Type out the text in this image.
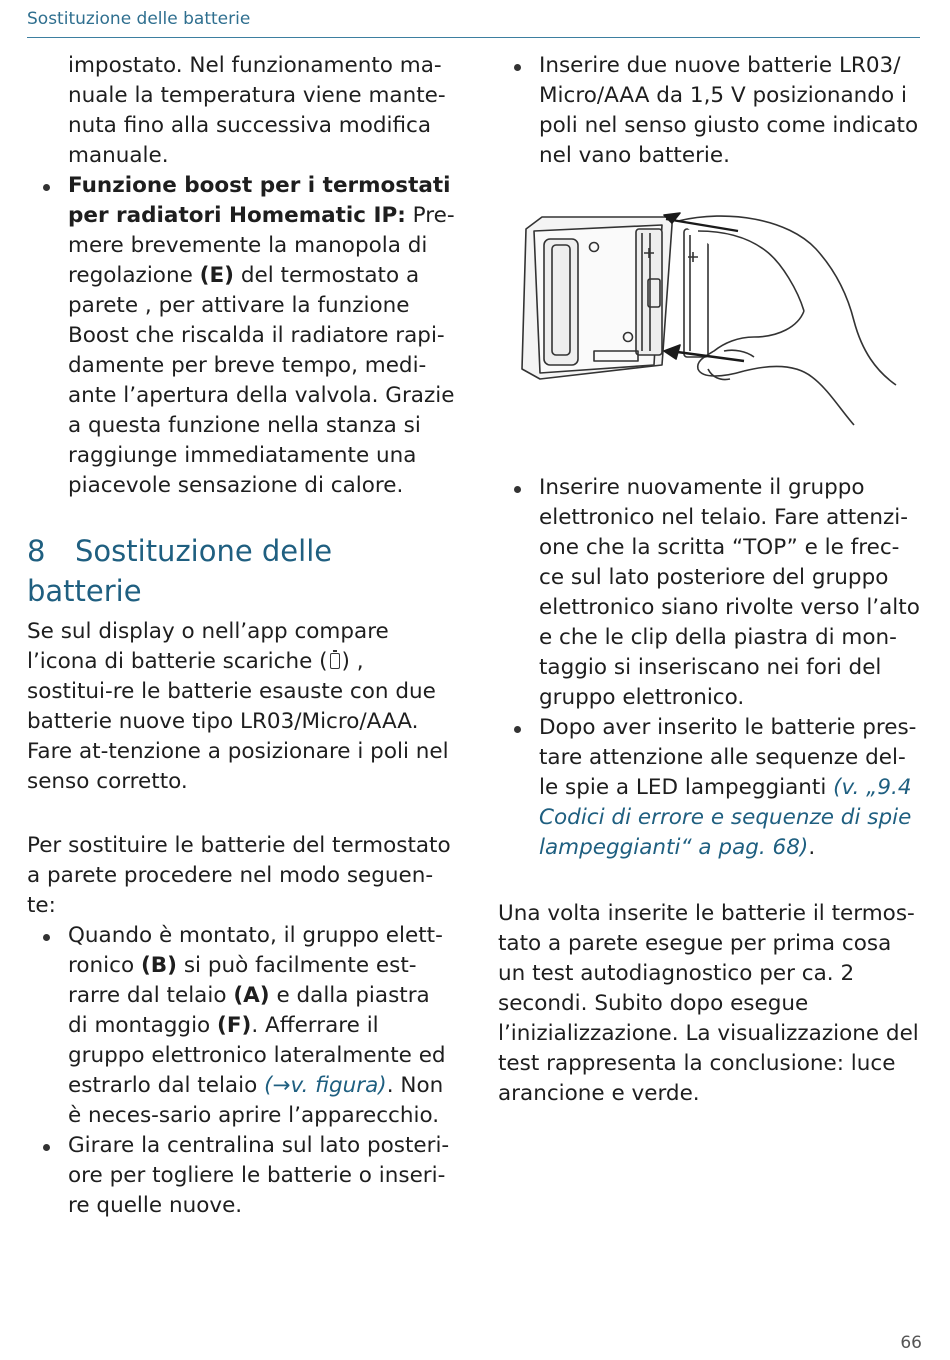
Sostituzione delle batterie

impostato. Nel funzionamento ma-nuale la temperatura viene mante-nuta fino alla successiva modifica manuale.

Funzione boost per i termostati per radiatori Homematic IP: Pre-mere brevemente la manopola di regolazione (E) del termostato a parete , per attivare la funzione Boost che riscalda il radiatore rapi-damente per breve tempo, medi-ante l’apertura della valvola. Grazie a questa funzione nella stanza si raggiunge immediatamente una piacevole sensazione di calore.
8 Sostituzione delle batterie

Se sul display o nell’app compare l’icona di batterie scariche ( ) , sostitui-re le batterie esauste con due batterie nuove tipo LR03/Micro/AAA. Fare at-tenzione a posizionare i poli nel senso corretto.

Per sostituire le batterie del termostato a parete procedere nel modo seguen-te:

Quando è montato, il gruppo elett-ronico (B) si può facilmente est-rarre dal telaio (A) e dalla piastra di montaggio (F). Afferrare il gruppo elettronico lateralmente ed estrarlo dal telaio (→v. figura). Non è neces-sario aprire l’apparecchio.
Girare la centralina sul lato posteri-ore per togliere le batterie o inseri-re quelle nuove.
Inserire due nuove batterie LR03/ Micro/AAA da 1,5 V posizionando i poli nel senso giusto come indicato nel vano batterie.
Inserire nuovamente il gruppo elettronico nel telaio. Fare attenzi-one che la scritta “TOP” e le frec-ce sul lato posteriore del gruppo elettronico siano rivolte verso l’alto e che le clip della piastra di mon-taggio si inseriscano nei fori del gruppo elettronico.
Dopo aver inserito le batterie pres-tare attenzione alle sequenze del-le spie a LED lampeggianti (v. „9.4 Codici di errore e sequenze di spie lampeggianti“ a pag. 68).

Una volta inserite le batterie il termos-tato a parete esegue per prima cosa un test autodiagnostico per ca. 2 secondi. Subito dopo esegue l’inizializzazione. La visualizzazione del test rappresenta la conclusione: luce arancione e verde.

66
